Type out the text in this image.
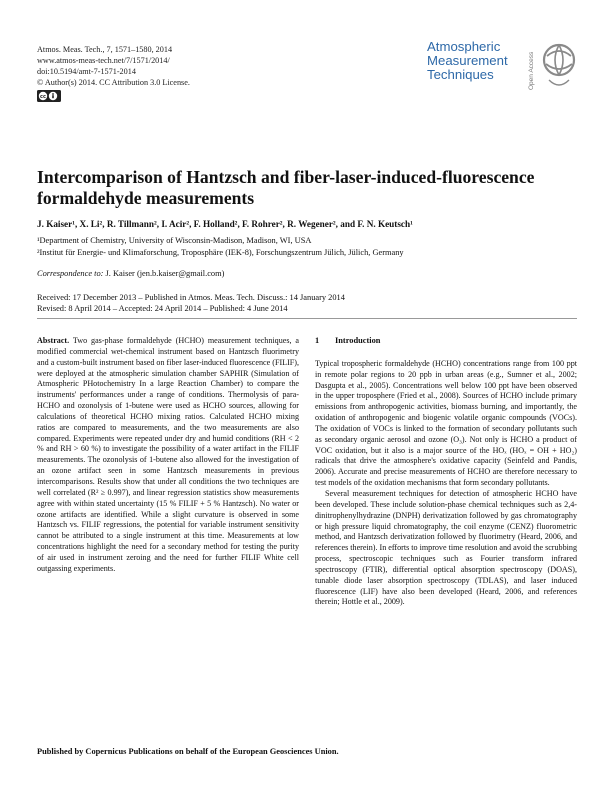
Atmos. Meas. Tech., 7, 1571–1580, 2014
www.atmos-meas-tech.net/7/1571/2014/
doi:10.5194/amt-7-1571-2014
© Author(s) 2014. CC Attribution 3.0 License.
cc
Atmospheric
Measurement
Techniques	Open Access
Intercomparison of Hantzsch and fiber-laser-induced-fluorescence formaldehyde measurements
J. Kaiser¹, X. Li², R. Tillmann², I. Acir², F. Holland², F. Rohrer², R. Wegener², and F. N. Keutsch¹
¹Department of Chemistry, University of Wisconsin-Madison, Madison, WI, USA
²Institut für Energie- und Klimaforschung, Troposphäre (IEK-8), Forschungszentrum Jülich, Jülich, Germany
Correspondence to: J. Kaiser (jen.b.kaiser@gmail.com)
Received: 17 December 2013 – Published in Atmos. Meas. Tech. Discuss.: 14 January 2014
Revised: 8 April 2014 – Accepted: 24 April 2014 – Published: 4 June 2014

Abstract. Two gas-phase formaldehyde (HCHO) measurement techniques, a modified commercial wet-chemical instrument based on Hantzsch fluorimetry and a custom-built instrument based on fiber laser-induced fluorescence (FILIF), were deployed at the atmospheric simulation chamber SAPHIR (Simulation of Atmospheric PHotochemistry In a large Reaction Chamber) to compare the instruments' performances under a range of conditions. Thermolysis of para-HCHO and ozonolysis of 1-butene were used as HCHO sources, allowing for calculations of theoretical HCHO mixing ratios. Calculated HCHO mixing ratios are compared to measurements, and the two measurements are also compared. Experiments were repeated under dry and humid conditions (RH < 2 % and RH > 60 %) to investigate the possibility of a water artifact in the FILIF measurements. The ozonolysis of 1-butene also allowed for the investigation of an ozone artifact seen in some Hantzsch measurements in previous intercomparisons. Results show that under all conditions the two techniques are well correlated (R² ≥ 0.997), and linear regression statistics show measurements agree with within stated uncertainty (15 % FILIF + 5 % Hantzsch). No water or ozone artifacts are identified. While a slight curvature is observed in some Hantzsch vs. FILIF regressions, the potential for variable instrument sensitivity cannot be attributed to a single instrument at this time. Measurements at low concentrations highlight the need for a secondary method for testing the purity of air used in instrument zeroing and the need for further FILIF White cell outgassing experiments.

1 Introduction

Typical tropospheric formaldehyde (HCHO) concentrations range from 100 ppt in remote polar regions to 20 ppb in urban areas (e.g., Sumner et al., 2002; Dasgupta et al., 2005). Concentrations well below 100 ppt have been observed in the upper troposphere (Fried et al., 2008). Sources of HCHO include primary emissions from anthropogenic activities, biomass burning, and importantly, the oxidation of anthropogenic and biogenic volatile organic compounds (VOCs). The oxidation of VOCs is linked to the formation of secondary pollutants such as secondary organic aerosol and ozone (O₃). Not only is HCHO a product of VOC oxidation, but it also is a major source of the HOₓ (HOₓ = OH + HO₂) radicals that drive the atmosphere's oxidative capacity (Seinfeld and Pandis, 2006). Accurate and precise measurements of HCHO are therefore necessary to test models of the oxidation mechanisms that form secondary pollutants.

Several measurement techniques for detection of atmospheric HCHO have been developed. These include solution-phase chemical techniques such as 2,4-dinitrophenylhydrazine (DNPH) derivatization followed by gas chromatography or high pressure liquid chromatography, the coil enzyme (CENZ) fluorometric method, and Hantzsch derivatization followed by fluorimetry (Heard, 2006, and references therein). In efforts to improve time resolution and avoid the scrubbing process, spectroscopic techniques such as Fourier transform infrared spectroscopy (FTIR), differential optical absorption spectroscopy (DOAS), tunable diode laser absorption spectroscopy (TDLAS), and laser induced fluorescence (LIF) have also been developed (Heard, 2006, and references therein; Hottle et al., 2009).

Published by Copernicus Publications on behalf of the European Geosciences Union.
